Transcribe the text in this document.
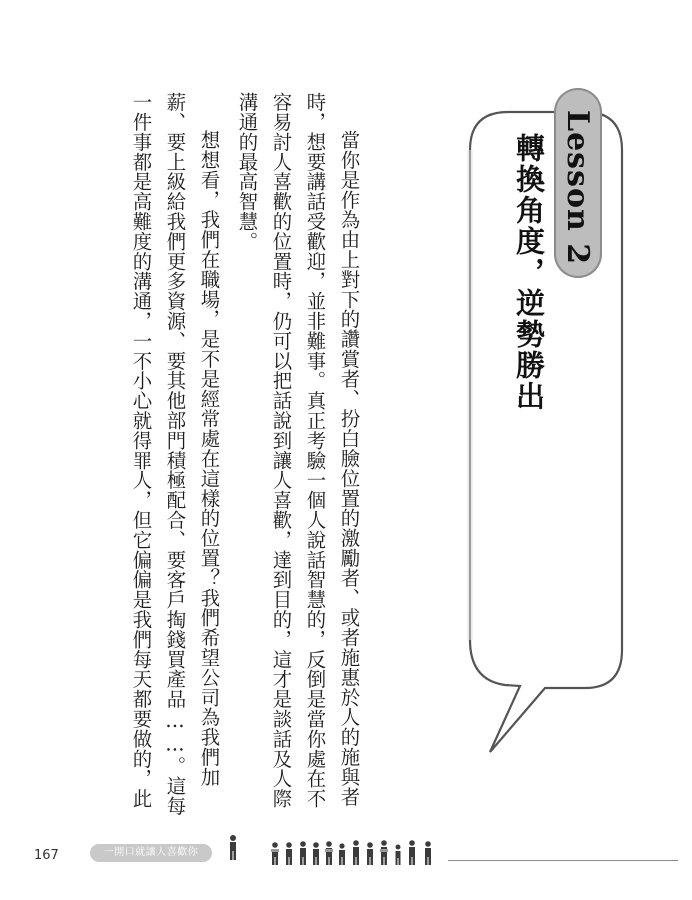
Lesson 2
轉換角度，逆勢勝出
當你是作為由上對下的讚賞者、扮白臉位置的激勵者、或者施惠於人的施與者
時，想要講話受歡迎，並非難事。真正考驗一個人說話智慧的，反倒是當你處在不
容易討人喜歡的位置時，仍可以把話說到讓人喜歡，達到目的，這才是談話及人際
溝通的最高智慧。
想想看，我們在職場，是不是經常處在這樣的位置？我們希望公司為我們加
薪、要上級給我們更多資源、要其他部門積極配合、要客戶掏錢買產品……。這每
一件事都是高難度的溝通，一不小心就得罪人，但它偏偏是我們每天都要做的，此
167	一開口就讓人喜歡你
